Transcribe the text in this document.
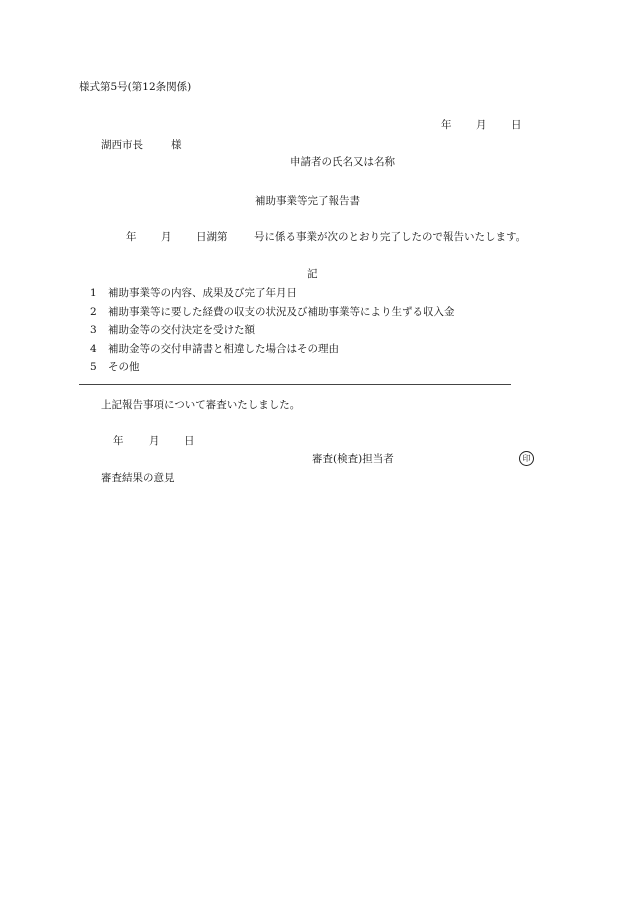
様式第5号(第12条関係)
年 月 日
湖西市長	様
申請者の氏名又は名称
補助事業等完了報告書
年 月 日湖第	号に係る事業が次のとおり完了したので報告いたします。
記
1 補助事業等の内容、成果及び完了年月日
2 補助事業等に要した経費の収支の状況及び補助事業等により生ずる収入金
3 補助金等の交付決定を受けた額
4 補助金等の交付申請書と相違した場合はその理由
5 その他
上記報告事項について審査いたしました。
年 月 日
審査(検査)担当者	印
審査結果の意見
